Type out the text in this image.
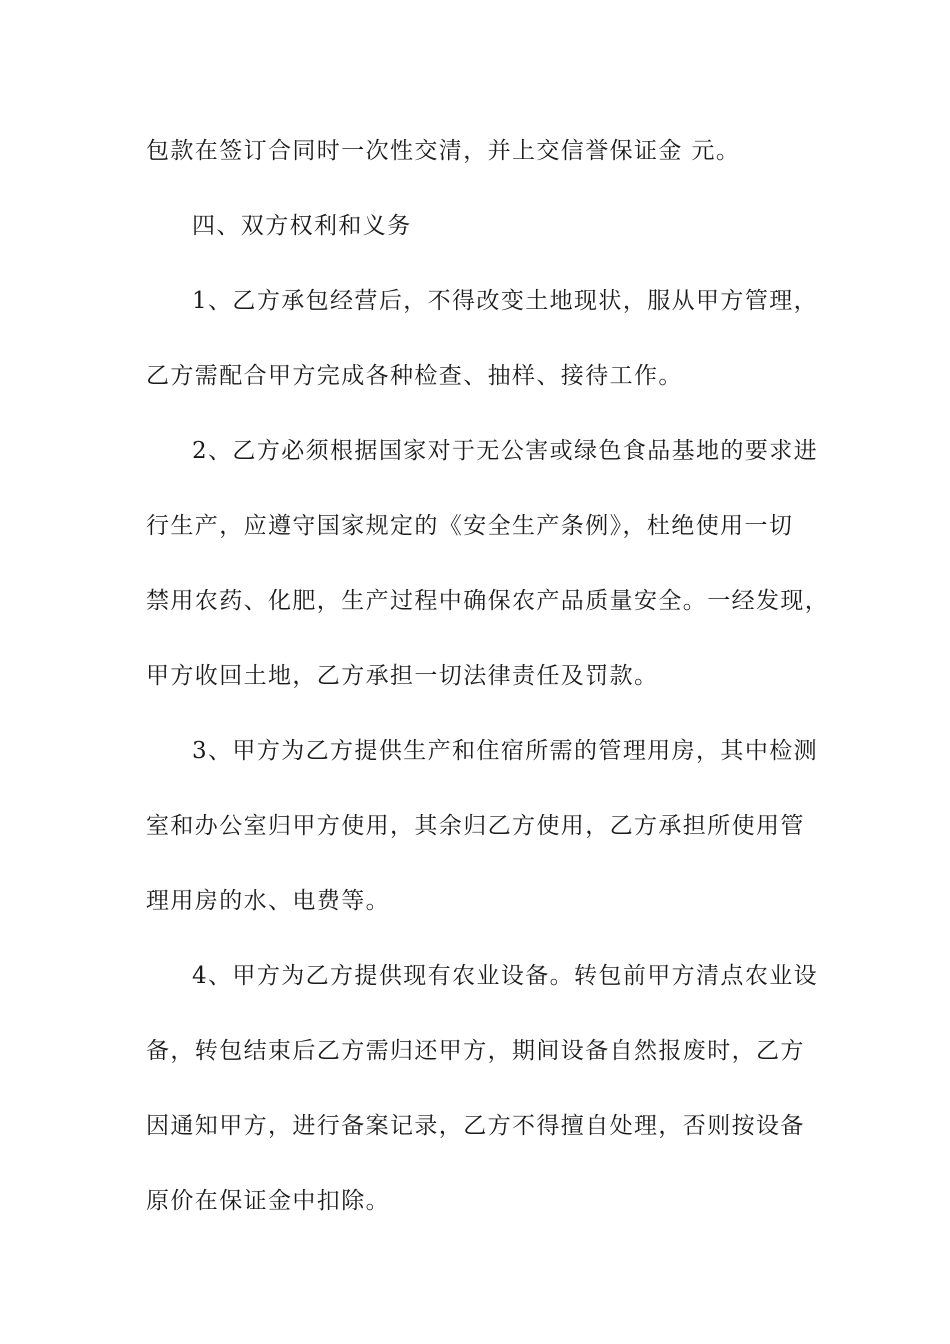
包款在签订合同时一次性交清，并上交信誉保证金 元。
四、双方权利和义务
1、乙方承包经营后，不得改变土地现状，服从甲方管理，
乙方需配合甲方完成各种检查、抽样、接待工作。
2、乙方必须根据国家对于无公害或绿色食品基地的要求进
行生产，应遵守国家规定的《安全生产条例》，杜绝使用一切
禁用农药、化肥，生产过程中确保农产品质量安全。一经发现，
甲方收回土地，乙方承担一切法律责任及罚款。
3、甲方为乙方提供生产和住宿所需的管理用房，其中检测
室和办公室归甲方使用，其余归乙方使用，乙方承担所使用管
理用房的水、电费等。
4、甲方为乙方提供现有农业设备。转包前甲方清点农业设
备，转包结束后乙方需归还甲方，期间设备自然报废时，乙方
因通知甲方，进行备案记录，乙方不得擅自处理，否则按设备
原价在保证金中扣除。
